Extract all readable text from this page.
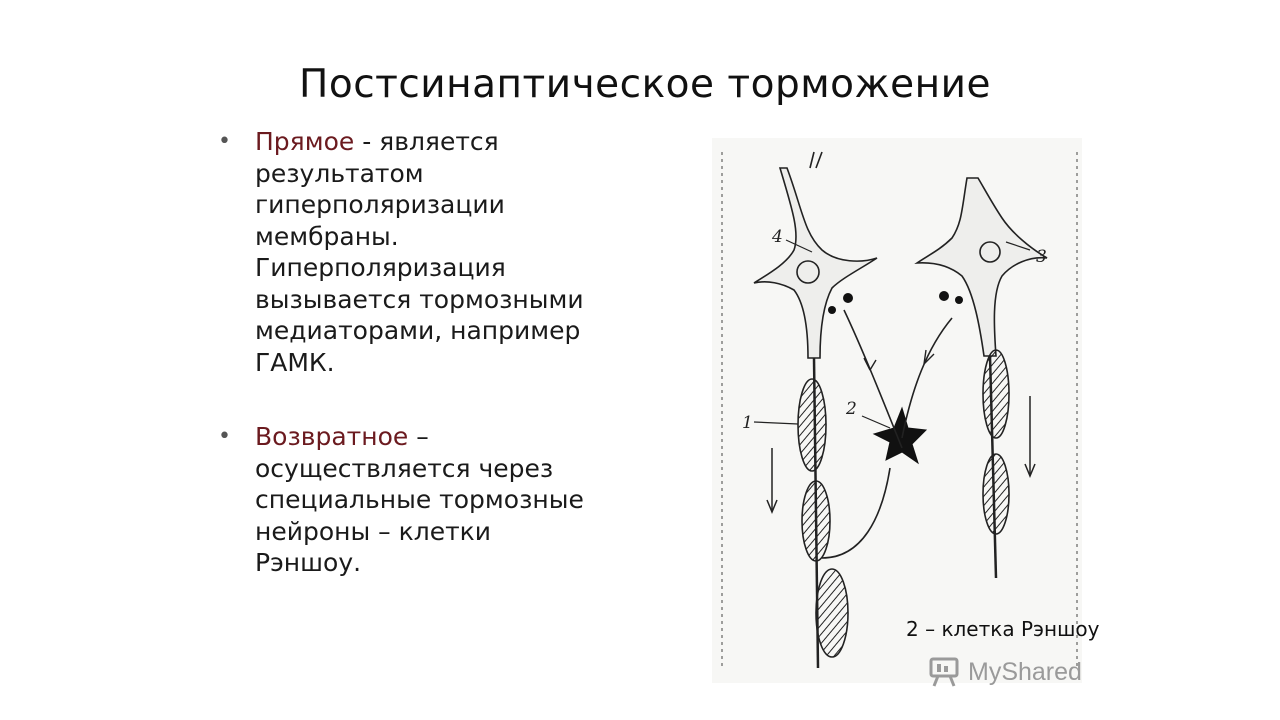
Постсинаптическое торможение
• Прямое - является
результатом
гиперполяризации
мембраны.
Гиперполяризация
вызывается тормозными
медиаторами, например
ГАМК.
• Возвратное –
осуществляется через
специальные тормозные
нейроны – клетки
Рэншоу.
1
2
3
4
2 – клетка Рэншоу
MyShared
